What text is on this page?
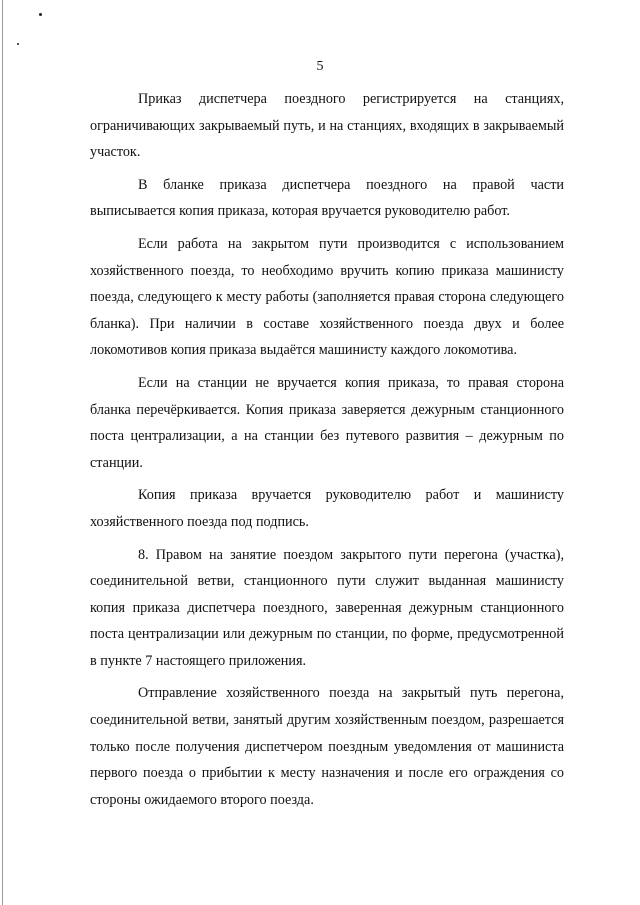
5

Приказ диспетчера поездного регистрируется на станциях, ограничивающих закрываемый путь, и на станциях, входящих в закрываемый участок.

В бланке приказа диспетчера поездного на правой части выписывается копия приказа, которая вручается руководителю работ.

Если работа на закрытом пути производится с использованием хозяйственного поезда, то необходимо вручить копию приказа машинисту поезда, следующего к месту работы (заполняется правая сторона следующего бланка). При наличии в составе хозяйственного поезда двух и более локомотивов копия приказа выдаётся машинисту каждого локомотива.

Если на станции не вручается копия приказа, то правая сторона бланка перечёркивается. Копия приказа заверяется дежурным станционного поста централизации, а на станции без путевого развития – дежурным по станции.

Копия приказа вручается руководителю работ и машинисту хозяйственного поезда под подпись.

8. Правом на занятие поездом закрытого пути перегона (участка), соединительной ветви, станционного пути служит выданная машинисту копия приказа диспетчера поездного, заверенная дежурным станционного поста централизации или дежурным по станции, по форме, предусмотренной в пункте 7 настоящего приложения.

Отправление хозяйственного поезда на закрытый путь перегона, соединительной ветви, занятый другим хозяйственным поездом, разрешается только после получения диспетчером поездным уведомления от машиниста первого поезда о прибытии к месту назначения и после его ограждения со стороны ожидаемого второго поезда.
